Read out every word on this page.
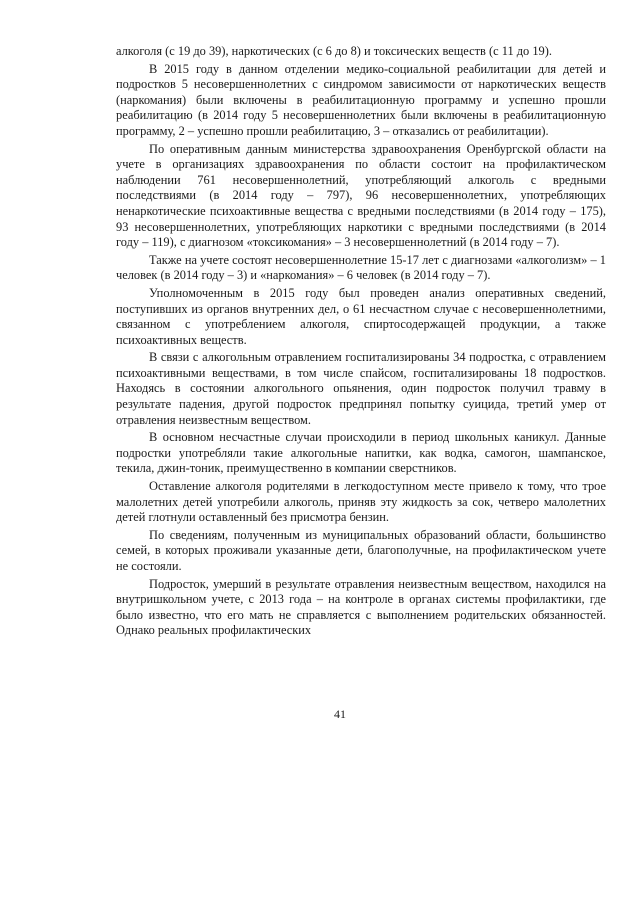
алкоголя (с 19 до 39), наркотических (с 6 до 8) и токсических веществ (с 11 до 19).

В 2015 году в данном отделении медико-социальной реабилитации для детей и подростков 5 несовершеннолетних с синдромом зависимости от наркотических веществ (наркомания) были включены в реабилитационную программу и успешно прошли реабилитацию (в 2014 году 5 несовершеннолетних были включены в реабилитационную программу, 2 – успешно прошли реабилитацию, 3 – отказались от реабилитации).

По оперативным данным министерства здравоохранения Оренбургской области на учете в организациях здравоохранения по области состоит на профилактическом наблюдении 761 несовершеннолетний, употребляющий алкоголь с вредными последствиями (в 2014 году – 797), 96 несовершеннолетних, употребляющих ненаркотические психоактивные вещества с вредными последствиями (в 2014 году – 175), 93 несовершеннолетних, употребляющих наркотики с вредными последствиями (в 2014 году – 119), с диагнозом «токсикомания» – 3 несовершеннолетний (в 2014 году – 7).

Также на учете состоят несовершеннолетние 15-17 лет с диагнозами «алкоголизм» – 1 человек (в 2014 году – 3) и «наркомания» – 6 человек (в 2014 году – 7).

Уполномоченным в 2015 году был проведен анализ оперативных сведений, поступивших из органов внутренних дел, о 61 несчастном случае с несовершеннолетними, связанном с употреблением алкоголя, спиртосодержащей продукции, а также психоактивных веществ.

В связи с алкогольным отравлением госпитализированы 34 подростка, с отравлением психоактивными веществами, в том числе спайсом, госпитализированы 18 подростков. Находясь в состоянии алкогольного опьянения, один подросток получил травму в результате падения, другой подросток предпринял попытку суицида, третий умер от отравления неизвестным веществом.

В основном несчастные случаи происходили в период школьных каникул. Данные подростки употребляли такие алкогольные напитки, как водка, самогон, шампанское, текила, джин-тоник, преимущественно в компании сверстников.

Оставление алкоголя родителями в легкодоступном месте привело к тому, что трое малолетних детей употребили алкоголь, приняв эту жидкость за сок, четверо малолетних детей глотнули оставленный без присмотра бензин.

По сведениям, полученным из муниципальных образований области, большинство семей, в которых проживали указанные дети, благополучные, на профилактическом учете не состояли.

Подросток, умерший в результате отравления неизвестным веществом, находился на внутришкольном учете, с 2013 года – на контроле в органах системы профилактики, где было известно, что его мать не справляется с выполнением родительских обязанностей. Однако реальных профилактических

41
